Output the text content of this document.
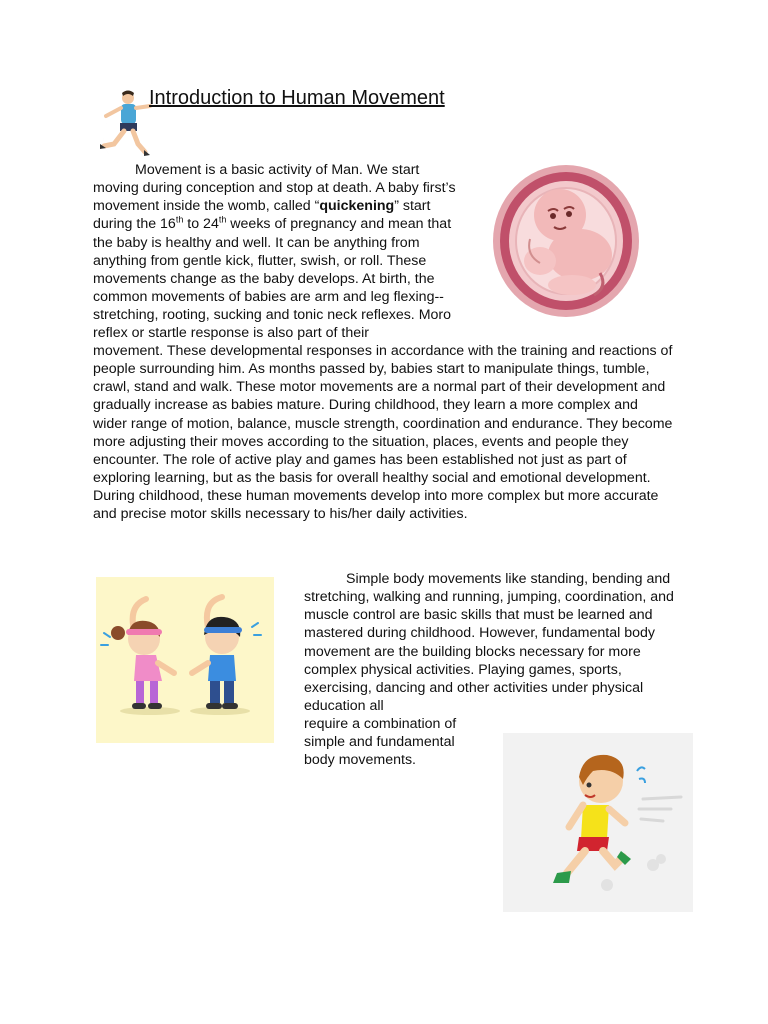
Introduction to Human Movement

Movement is a basic activity of Man. We start moving during conception and stop at death. A baby first’s movement inside the womb, called “quickening” start during the 16th to 24th weeks of pregnancy and mean that the baby is healthy and well. It can be anything from anything from gentle kick, flutter, swish, or roll. These movements change as the baby develops. At birth, the common movements of babies are arm and leg flexing--stretching, rooting, sucking and tonic neck reflexes. Moro reflex or startle response is also part of their

movement. These developmental responses in accordance with the training and reactions of people surrounding him. As months passed by, babies start to manipulate things, tumble, crawl, stand and walk. These motor movements are a normal part of their development and gradually increase as babies mature. During childhood, they learn a more complex and wider range of motion, balance, muscle strength, coordination and endurance. They become more adjusting their moves according to the situation, places, events and people they encounter. The role of active play and games has been established not just as part of exploring learning, but as the basis for overall healthy social and emotional development. During childhood, these human movements develop into more complex but more accurate and precise motor skills necessary to his/her daily activities.

Simple body movements like standing, bending and stretching, walking and running, jumping, coordination, and muscle control are basic skills that must be learned and mastered during childhood. However, fundamental body movement are the building blocks necessary for more complex physical activities. Playing games, sports, exercising, dancing and other activities under physical education all

require a combination of simple and fundamental body movements.
